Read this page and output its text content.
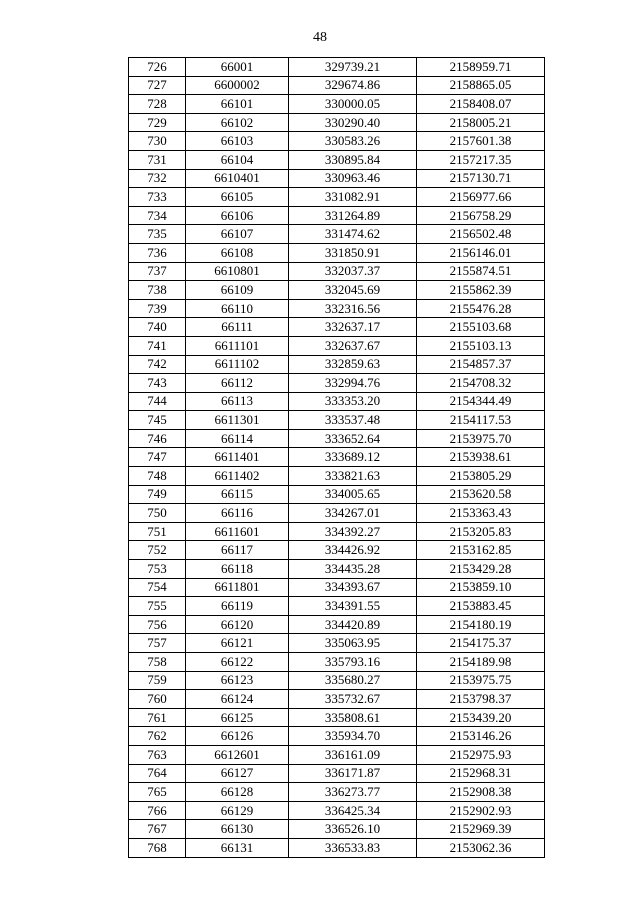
48
726	66001	329739.21	2158959.71
727	6600002	329674.86	2158865.05
728	66101	330000.05	2158408.07
729	66102	330290.40	2158005.21
730	66103	330583.26	2157601.38
731	66104	330895.84	2157217.35
732	6610401	330963.46	2157130.71
733	66105	331082.91	2156977.66
734	66106	331264.89	2156758.29
735	66107	331474.62	2156502.48
736	66108	331850.91	2156146.01
737	6610801	332037.37	2155874.51
738	66109	332045.69	2155862.39
739	66110	332316.56	2155476.28
740	66111	332637.17	2155103.68
741	6611101	332637.67	2155103.13
742	6611102	332859.63	2154857.37
743	66112	332994.76	2154708.32
744	66113	333353.20	2154344.49
745	6611301	333537.48	2154117.53
746	66114	333652.64	2153975.70
747	6611401	333689.12	2153938.61
748	6611402	333821.63	2153805.29
749	66115	334005.65	2153620.58
750	66116	334267.01	2153363.43
751	6611601	334392.27	2153205.83
752	66117	334426.92	2153162.85
753	66118	334435.28	2153429.28
754	6611801	334393.67	2153859.10
755	66119	334391.55	2153883.45
756	66120	334420.89	2154180.19
757	66121	335063.95	2154175.37
758	66122	335793.16	2154189.98
759	66123	335680.27	2153975.75
760	66124	335732.67	2153798.37
761	66125	335808.61	2153439.20
762	66126	335934.70	2153146.26
763	6612601	336161.09	2152975.93
764	66127	336171.87	2152968.31
765	66128	336273.77	2152908.38
766	66129	336425.34	2152902.93
767	66130	336526.10	2152969.39
768	66131	336533.83	2153062.36
